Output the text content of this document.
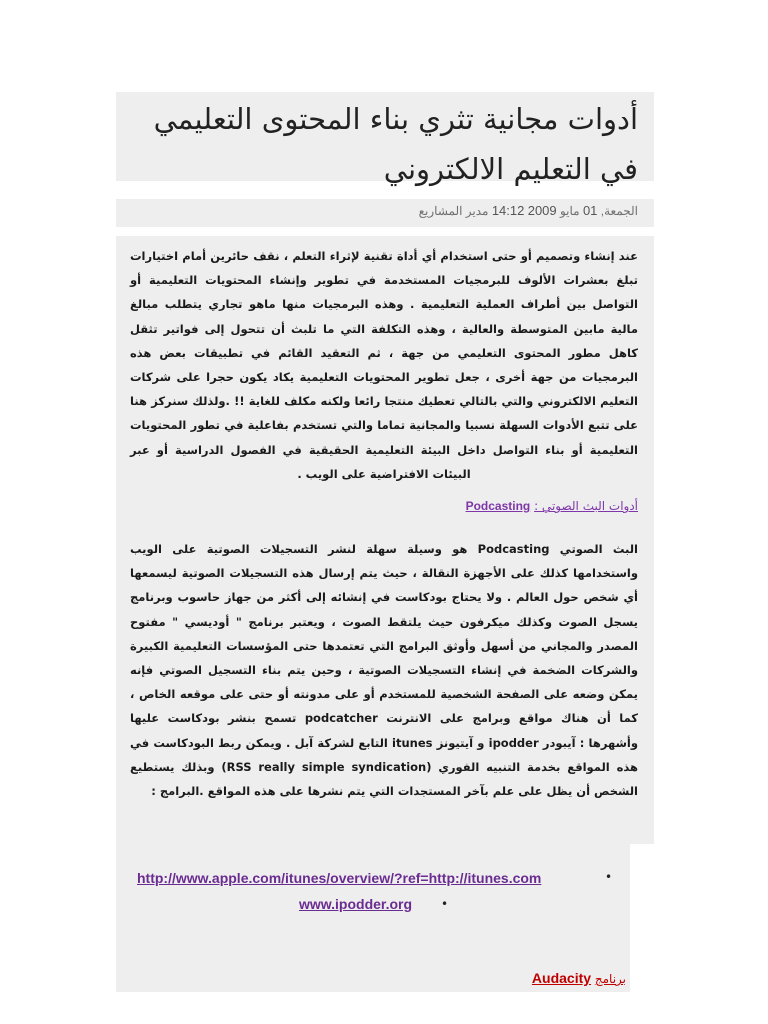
أدوات مجانية تثري بناء المحتوى التعليمي في التعليم الالكتروني
الجمعة, 01 مايو 2009 14:12 مدير المشاريع

عند إنشاء وتصميم أو حتى استخدام أي أداة تقنية لإثراء التعلم ، نقف حائرين أمام اختيارات تبلغ بعشرات الألوف للبرمجيات المستخدمة في تطوير وإنشاء المحتويات التعليمية أو التواصل بين أطراف العملية التعليمية . وهذه البرمجيات منها ماهو تجاري يتطلب مبالغ مالية مابين المتوسطة والعالية ، وهذه التكلفة التي ما تلبث أن تتحول إلى فواتير تثقل كاهل مطور المحتوى التعليمي من جهة ، ثم التعقيد القائم في تطبيقات بعض هذه البرمجيات من جهة أخرى ، جعل تطوير المحتويات التعليمية يكاد يكون حجرا على شركات التعليم الالكتروني والتي بالتالي تعطيك منتجا رائعا ولكنه مكلف للغاية !! .ولذلك سنركز هنا على تتبع الأدوات السهلة نسبيا والمجانية تماما والتي تستخدم بفاعلية في تطور المحتويات التعليمية أو بناء التواصل داخل البيئة التعليمية الحقيقية في الفصول الدراسية أو عبر البيئات الافتراضية على الويب .

أدوات البث الصوتي : Podcasting

البث الصوتي Podcasting هو وسيلة سهلة لنشر التسجيلات الصوتية على الويب واستخدامها كذلك على الأجهزة النقالة ، حيث يتم إرسال هذه التسجيلات الصوتية ليسمعها أي شخص حول العالم . ولا يحتاج بودكاست في إنشائه إلى أكثر من جهاز حاسوب وبرنامج يسجل الصوت وكذلك ميكرفون حيث يلتقط الصوت ، ويعتبر برنامج " أوديسي " مفتوح المصدر والمجاني من أسهل وأوثق البرامج التي تعتمدها حتى المؤسسات التعليمية الكبيرة والشركات الضخمة في إنشاء التسجيلات الصوتية ، وحين يتم بناء التسجيل الصوتي فإنه يمكن وضعه على الصفحة الشخصية للمستخدم أو على مدونته أو حتى على موقعه الخاص ، كما أن هناك مواقع وبرامج على الانترنت podcatcher تسمح بنشر بودكاست عليها وأشهرها : آيبودر ipodder و آيتيونز itunes التابع لشركة آبل . ويمكن ربط البودكاست في هذه المواقع بخدمة التنبيه الفوري (RSS really simple syndication) وبذلك يستطيع الشخص أن يظل على علم بآخر المستجدات التي يتم نشرها على هذه المواقع .البرامج :

http://www.apple.com/itunes/overview/?ref=http://itunes.com	•
www.ipodder.org •
برنامج Audacity
